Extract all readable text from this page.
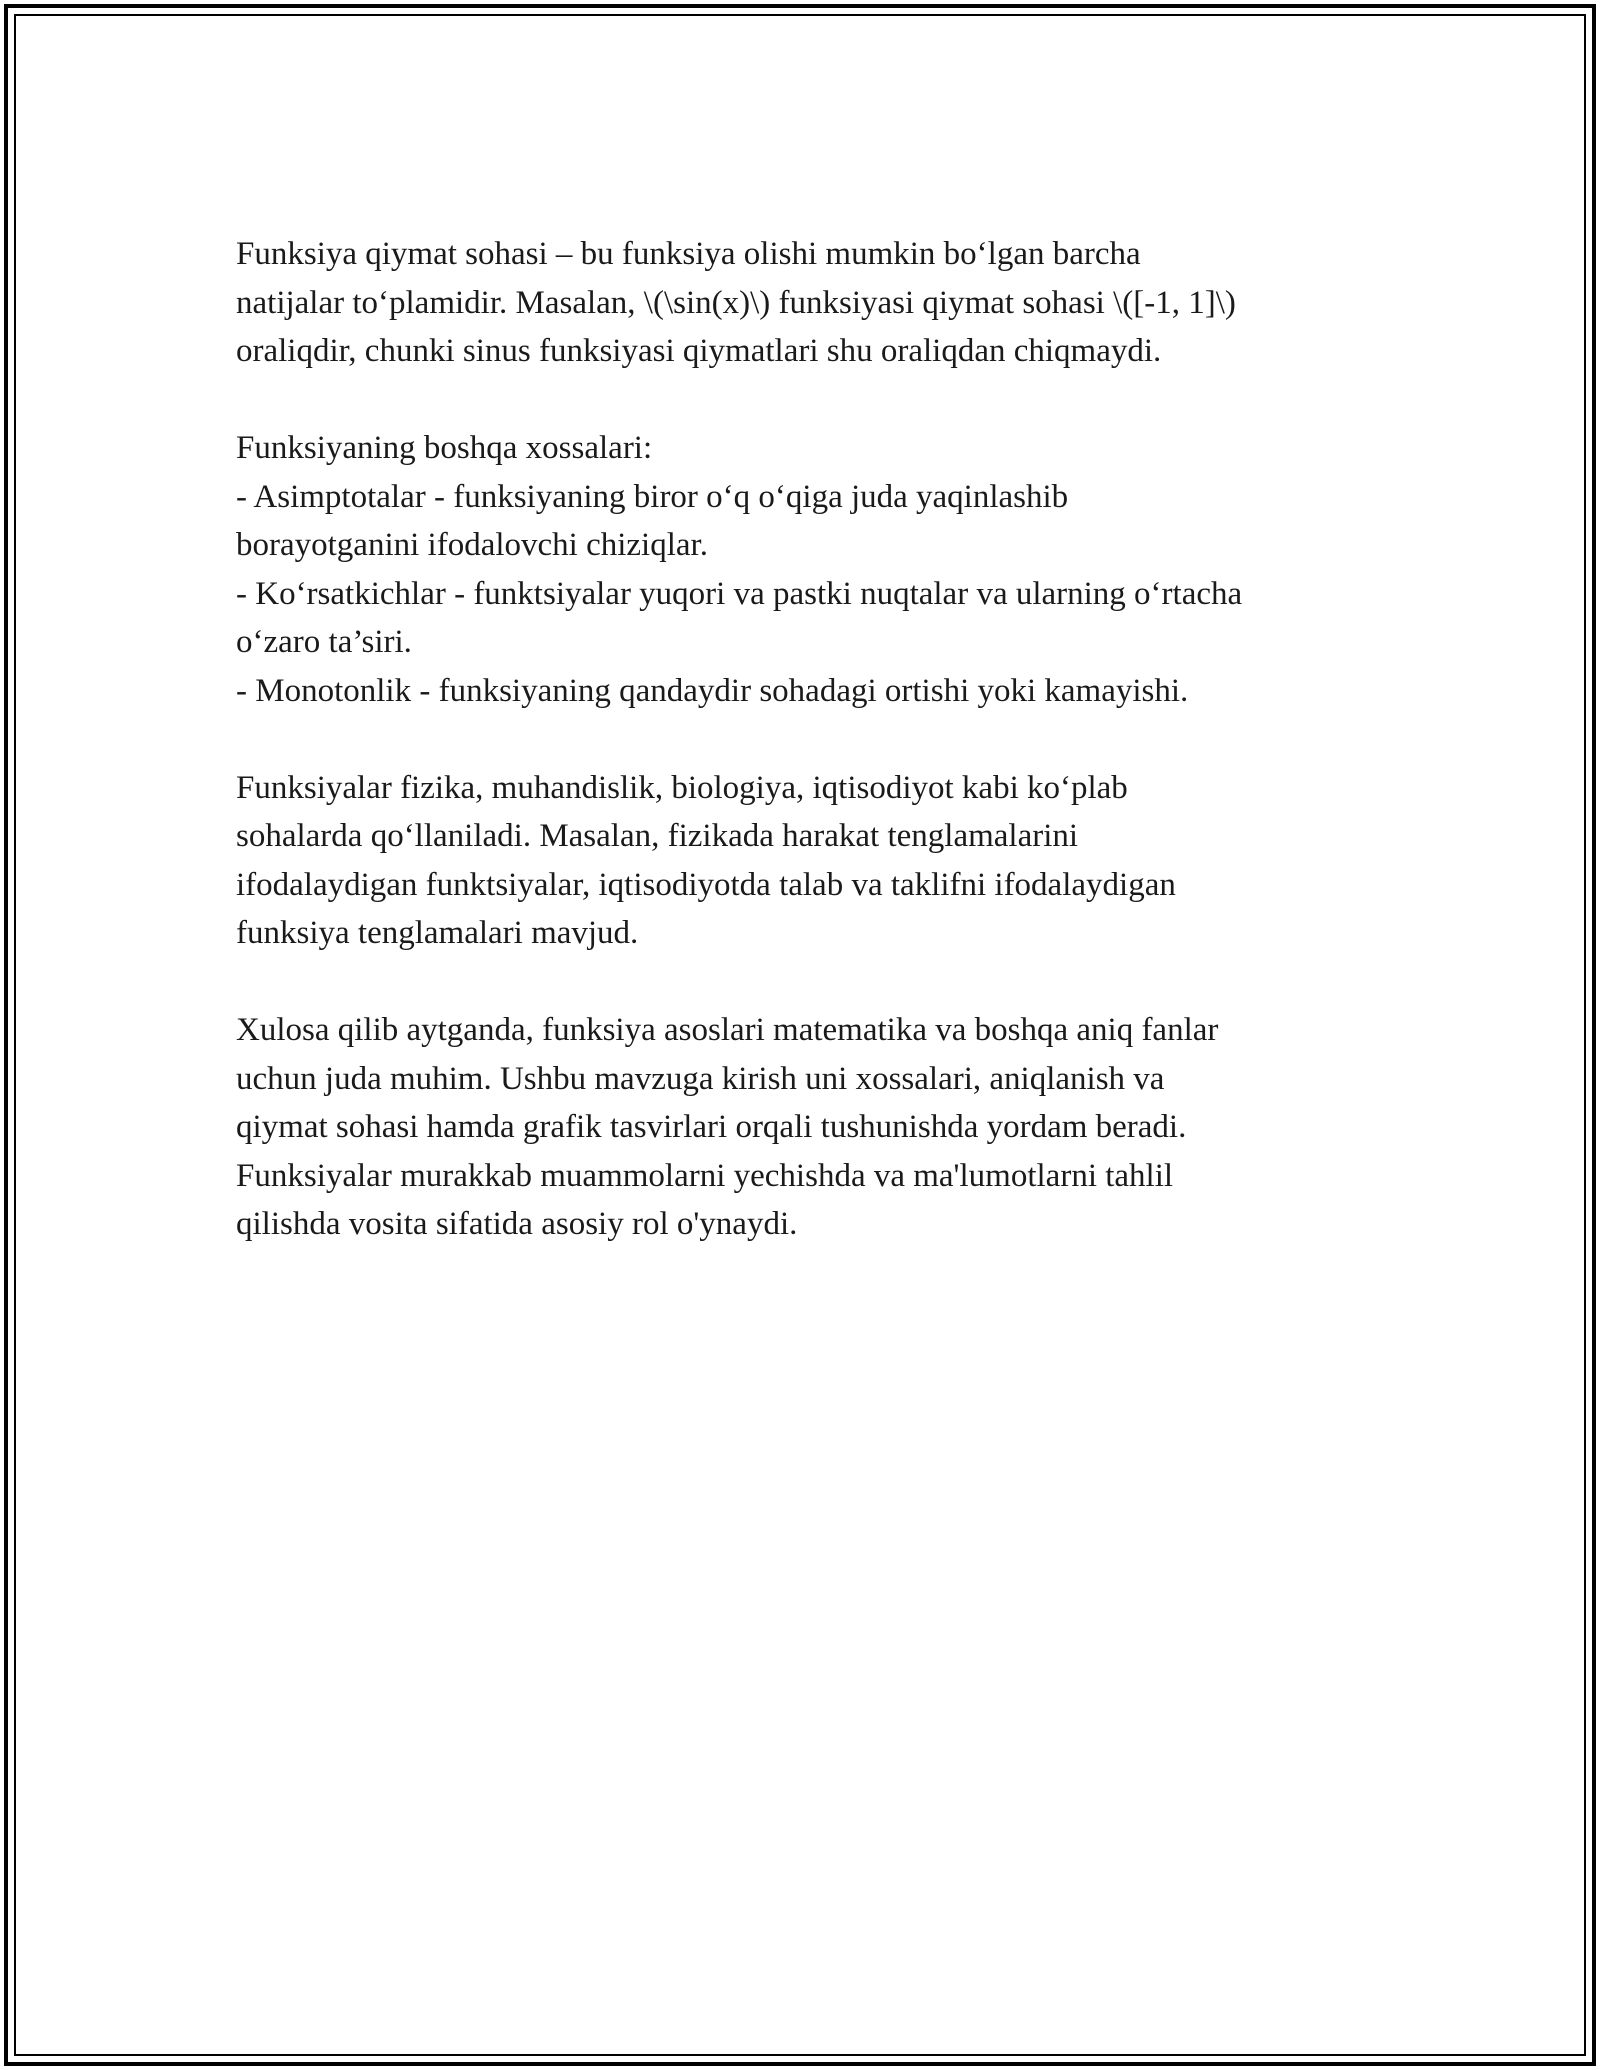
Funksiya qiymat sohasi – bu funksiya olishi mumkin bo‘lgan barcha
natijalar to‘plamidir. Masalan, \(\sin(x)\) funksiyasi qiymat sohasi \([-1, 1]\)
oraliqdir, chunki sinus funksiyasi qiymatlari shu oraliqdan chiqmaydi.

Funksiyaning boshqa xossalari:
- Asimptotalar - funksiyaning biror o‘q o‘qiga juda yaqinlashib
borayotganini ifodalovchi chiziqlar.
- Ko‘rsatkichlar - funktsiyalar yuqori va pastki nuqtalar va ularning o‘rtacha
o‘zaro ta’siri.
- Monotonlik - funksiyaning qandaydir sohadagi ortishi yoki kamayishi.

Funksiyalar fizika, muhandislik, biologiya, iqtisodiyot kabi ko‘plab
sohalarda qo‘llaniladi. Masalan, fizikada harakat tenglamalarini
ifodalaydigan funktsiyalar, iqtisodiyotda talab va taklifni ifodalaydigan
funksiya tenglamalari mavjud.

Xulosa qilib aytganda, funksiya asoslari matematika va boshqa aniq fanlar
uchun juda muhim. Ushbu mavzuga kirish uni xossalari, aniqlanish va
qiymat sohasi hamda grafik tasvirlari orqali tushunishda yordam beradi.
Funksiyalar murakkab muammolarni yechishda va ma'lumotlarni tahlil
qilishda vosita sifatida asosiy rol o'ynaydi.
